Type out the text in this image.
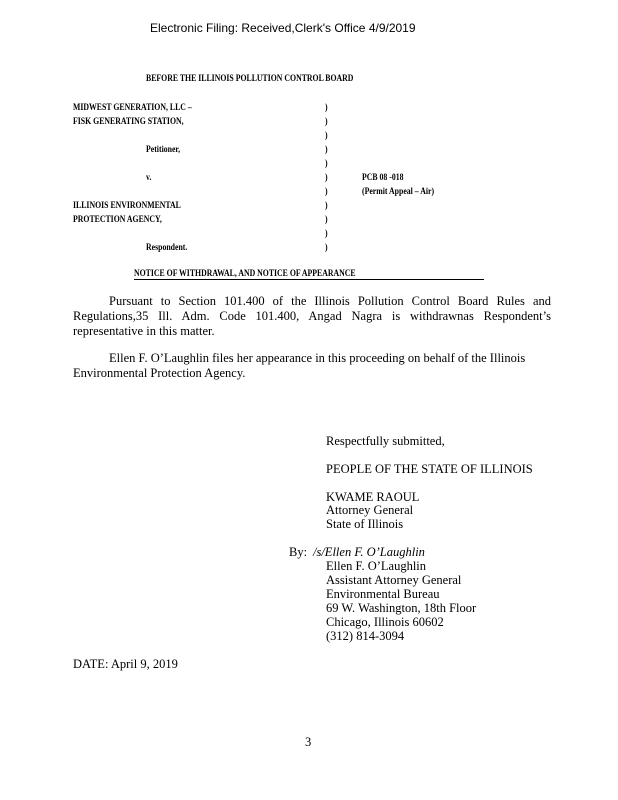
Electronic Filing: Received,Clerk's Office 4/9/2019
BEFORE THE ILLINOIS POLLUTION CONTROL BOARD
MIDWEST GENERATION, LLC –
FISK GENERATING STATION,
Petitioner,
v.
ILLINOIS ENVIRONMENTAL
PROTECTION AGENCY,
Respondent.
)
)
)
)
)
)
)
)
)
)
)
PCB 08 -018
(Permit Appeal – Air)
NOTICE OF WITHDRAWAL, AND NOTICE OF APPEARANCE
Pursuant to Section 101.400 of the Illinois Pollution Control Board Rules and
Regulations,35 Ill. Adm. Code 101.400, Angad Nagra is withdrawnas Respondent’s
representative in this matter.
Ellen F. O’Laughlin files her appearance in this proceeding on behalf of the Illinois
Environmental Protection Agency.
Respectfully submitted,
PEOPLE OF THE STATE OF ILLINOIS
KWAME RAOUL
Attorney General
State of Illinois
By: /s/Ellen F. O’Laughlin
Ellen F. O’Laughlin
Assistant Attorney General
Environmental Bureau
69 W. Washington, 18th Floor
Chicago, Illinois 60602
(312) 814-3094
DATE: April 9, 2019
3
